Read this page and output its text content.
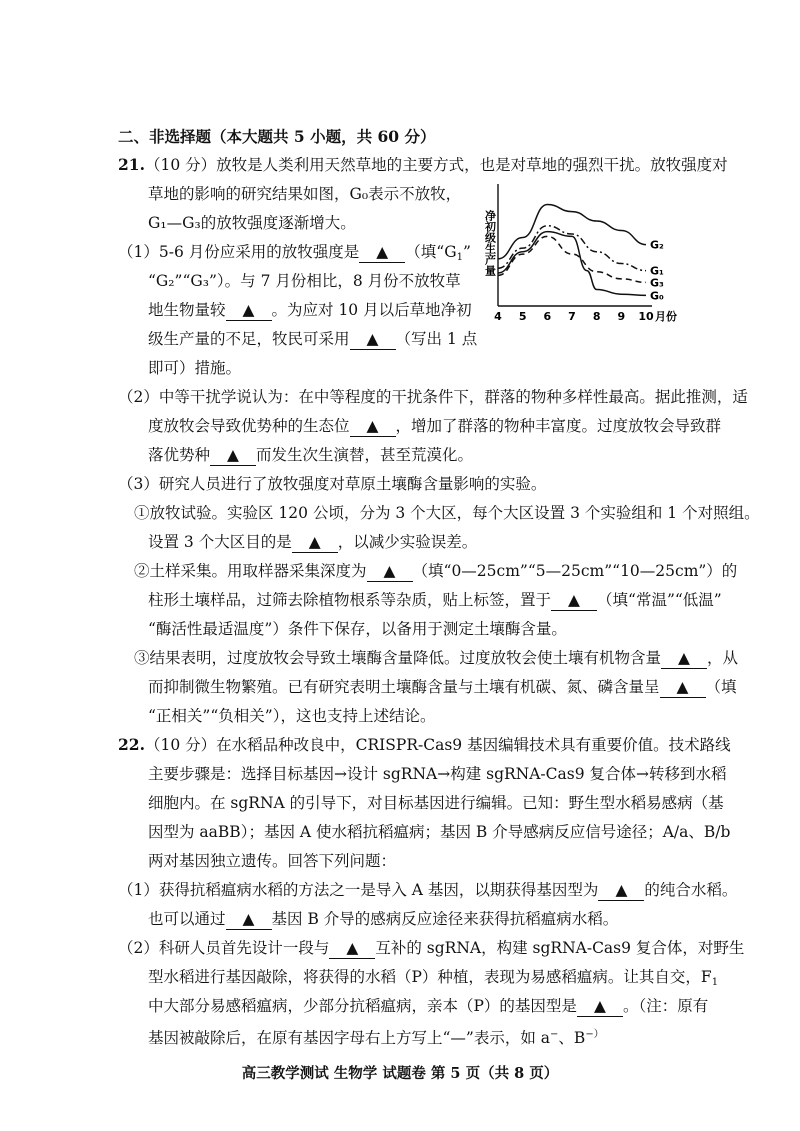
二、非选择题（本大题共 5 小题，共 60 分）
21.（10 分）放牧是人类利用天然草地的主要方式，也是对草地的强烈干扰。放牧强度对
草地的影响的研究结果如图，G₀表示不放牧，
G₁—G₃的放牧强度逐渐增大。
（1）5-6 月份应采用的放牧强度是 ▲ （填“$G_1$”
“G₂”“G₃”）。与 7 月份相比，8 月份不放牧草
地生物量较 ▲ 。为应对 10 月以后草地净初
级生产量的不足，牧民可采用 ▲ （写出 1 点
即可）措施。
G₂
G₁
G₃
G₀
4 5 6 7 8 9 10 月份
净初级生产量
（2）中等干扰学说认为：在中等程度的干扰条件下，群落的物种多样性最高。据此推测，适
度放牧会导致优势种的生态位 ▲ ，增加了群落的物种丰富度。过度放牧会导致群
落优势种 ▲ 而发生次生演替，甚至荒漠化。
（3）研究人员进行了放牧强度对草原土壤酶含量影响的实验。
①放牧试验。实验区 120 公顷，分为 3 个大区，每个大区设置 3 个实验组和 1 个对照组。
设置 3 个大区目的是 ▲ ，以减少实验误差。
②土样采集。用取样器采集深度为 ▲ （填“0—25cm”“5—25cm”“10—25cm”）的
柱形土壤样品，过筛去除植物根系等杂质，贴上标签，置于 ▲ （填“常温”“低温”
“酶活性最适温度”）条件下保存，以备用于测定土壤酶含量。
③结果表明，过度放牧会导致土壤酶含量降低。过度放牧会使土壤有机物含量 ▲ ，从
而抑制微生物繁殖。已有研究表明土壤酶含量与土壤有机碳、氮、磷含量呈 ▲ （填
“正相关”“负相关”），这也支持上述结论。
22.（10 分）在水稻品种改良中，CRISPR-Cas9 基因编辑技术具有重要价值。技术路线
主要步骤是：选择目标基因→设计 sgRNA→构建 sgRNA-Cas9 复合体→转移到水稻
细胞内。在 sgRNA 的引导下，对目标基因进行编辑。已知：野生型水稻易感病（基
因型为 aaBB）；基因 A 使水稻抗稻瘟病；基因 B 介导感病反应信号途径；A/a、B/b
两对基因独立遗传。回答下列问题：
（1）获得抗稻瘟病水稻的方法之一是导入 A 基因，以期获得基因型为 ▲ 的纯合水稻。
也可以通过 ▲ 基因 B 介导的感病反应途径来获得抗稻瘟病水稻。
（2）科研人员首先设计一段与 ▲ 互补的 sgRNA，构建 sgRNA-Cas9 复合体，对野生
型水稻进行基因敲除，将获得的水稻（P）种植，表现为易感稻瘟病。让其自交，$F_1$
中大部分易感稻瘟病，少部分抗稻瘟病，亲本（P）的基因型是 ▲ 。（注：原有
高三教学测试 生物学 试题卷 第 5 页（共 8 页）
基因被敲除后，在原有基因字母右上方写上“—”表示，如 a−、B−）
